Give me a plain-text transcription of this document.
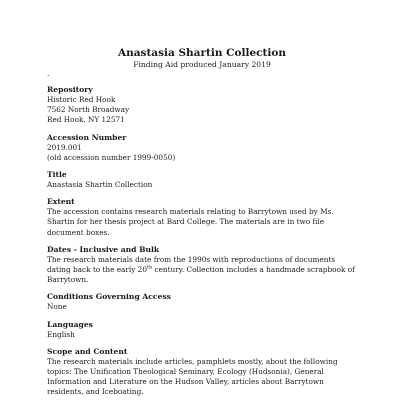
Anastasia Shartin Collection

Finding Aid produced January 2019

.

Repository

Historic Red Hook

7562 North Broadway

Red Hook, NY 12571

Accession Number

2019.001

(old accession number 1999-0050)

Title

Anastasia Shartin Collection

Extent

The accession contains research materials relating to Barrytown used by Ms. Shartin for her thesis project at Bard College. The materials are in two file document boxes.

Dates - Inclusive and Bulk

The research materials date from the 1990s with reproductions of documents dating back to the early 20th century. Collection includes a handmade scrapbook of Barrytown.

Conditions Governing Access

None

Languages

English

Scope and Content

The research materials include articles, pamphlets mostly, about the following topics: The Unification Theological Seminary, Ecology (Hudsonia), General Information and Literature on the Hudson Valley, articles about Barrytown residents, and Iceboating.
